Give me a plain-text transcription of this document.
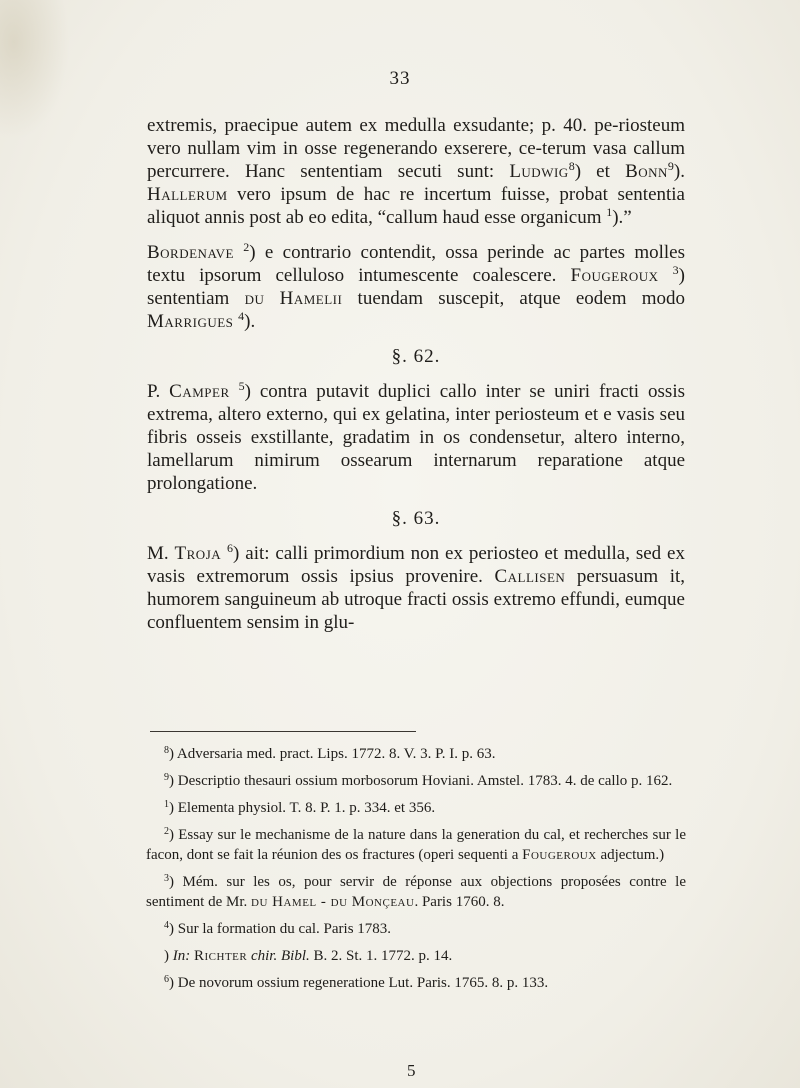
33

extremis, praecipue autem ex medulla exsudante; p. 40. pe-riosteum vero nullam vim in osse regenerando exserere, ce-terum vasa callum percurrere. Hanc sententiam secuti sunt: Ludwig$^8$) et Bonn$^9$). Hallerum vero ipsum de hac re incertum fuisse, probat sententia aliquot annis post ab eo edita, “callum haud esse organicum $^1$).”

Bordenave $^2$) e contrario contendit, ossa perinde ac partes molles textu ipsorum celluloso intumescente coalescere. Fougeroux $^3$) sententiam du Hamelii tuendam suscepit, atque eodem modo Marrigues $^4$).

§. 62.

P. Camper $^5$) contra putavit duplici callo inter se uniri fracti ossis extrema, altero externo, qui ex gelatina, inter periosteum et e vasis seu fibris osseis exstillante, gradatim in os condensetur, altero interno, lamellarum nimirum ossearum internarum reparatione atque prolongatione.

§. 63.

M. Troja $^6$) ait: calli primordium non ex periosteo et medulla, sed ex vasis extremorum ossis ipsius provenire. Callisen persuasum it, humorem sanguineum ab utroque fracti ossis extremo effundi, eumque confluentem sensim in glu-

$^8$) Adversaria med. pract. Lips. 1772. 8. V. 3. P. I. p. 63.
$^9$) Descriptio thesauri ossium morbosorum Hoviani. Amstel. 1783. 4. de callo p. 162.
$^1$) Elementa physiol. T. 8. P. 1. p. 334. et 356.
$^2$) Essay sur le mechanisme de la nature dans la generation du cal, et recherches sur le facon, dont se fait la réunion des os fractures (operi sequenti a Fougeroux adjectum.)
$^3$) Mém. sur les os, pour servir de réponse aux objections proposées contre le sentiment de Mr. du Hamel - du Monçeau. Paris 1760. 8.
$^4$) Sur la formation du cal. Paris 1783.
) In: Richter chir. Bibl. B. 2. St. 1. 1772. p. 14.
$^6$) De novorum ossium regeneratione Lut. Paris. 1765. 8. p. 133.
5
